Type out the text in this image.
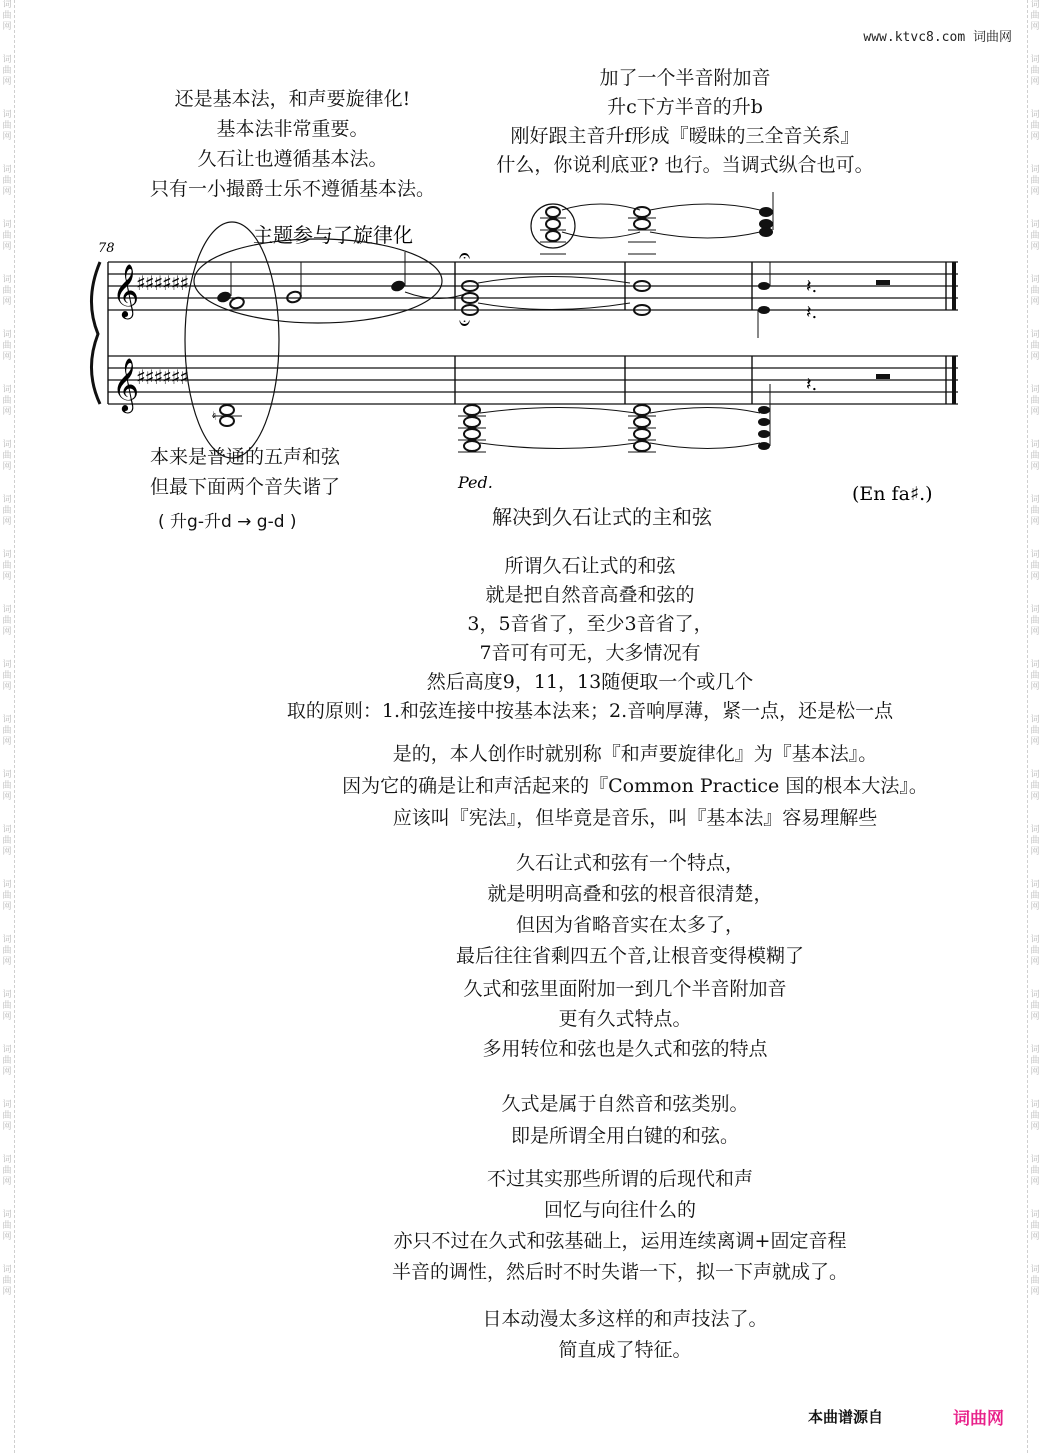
词
曲
网
词
曲
网
词
曲
网
词
曲
网
词
曲
网
词
曲
网
词
曲
网
词
曲
网
词
曲
网
词
曲
网
词
曲
网
词
曲
网
词
曲
网
词
曲
网
词
曲
网
词
曲
网
词
曲
网
词
曲
网
词
曲
网
词
曲
网
词
曲
网
词
曲
网
词
曲
网
词
曲
网
词
曲
网
词
曲
网
词
曲
网
词
曲
网
词
曲
网
词
曲
网
词
曲
网
词
曲
网
词
曲
网
词
曲
网
词
曲
网
词
曲
网
词
曲
网
词
曲
网
词
曲
网
词
曲
网
词
曲
网
词
曲
网
词
曲
网
词
曲
网
词
曲
网
词
曲
网
词
曲
网
词
曲
网
www.ktvc8.com 词曲网
还是基本法，和声要旋律化!
基本法非常重要。
久石让也遵循基本法。
只有一小撮爵士乐不遵循基本法。
加了一个半音附加音
升c下方半音的升b
刚好跟主音升f形成『暧昧的三全音关系』
什么，你说利底亚? 也行。当调式纵合也可。
78
主题参与了旋律化
𝄞
𝄞
♯♯♯♯♯♯
♯♯♯♯♯♯
♮
𝄐
𝄑
𝄽.
𝄽.
𝄽.
Ped.
(En fa♯.)
本来是普通的五声和弦
但最下面两个音失谐了
( 升g-升d → g-d )	解决到久石让式的主和弦
所谓久石让式的和弦
就是把自然音高叠和弦的
3，5音省了，至少3音省了，
7音可有可无，大多情况有
然后高度9，11，13随便取一个或几个
取的原则：1.和弦连接中按基本法来；2.音响厚薄，紧一点，还是松一点
是的，本人创作时就别称『和声要旋律化』为『基本法』。
因为它的确是让和声活起来的『Common Practice 国的根本大法』。
应该叫『宪法』，但毕竟是音乐，叫『基本法』容易理解些
久石让式和弦有一个特点，
就是明明高叠和弦的根音很清楚，
但因为省略音实在太多了，
最后往往省剩四五个音,让根音变得模糊了
久式和弦里面附加一到几个半音附加音
更有久式特点。
多用转位和弦也是久式和弦的特点
久式是属于自然音和弦类别。
即是所谓全用白键的和弦。
不过其实那些所谓的后现代和声
回忆与向往什么的
亦只不过在久式和弦基础上，运用连续离调+固定音程
半音的调性，然后时不时失谐一下，拟一下声就成了。
日本动漫太多这样的和声技法了。
简直成了特征。
本曲谱源自	词曲网
